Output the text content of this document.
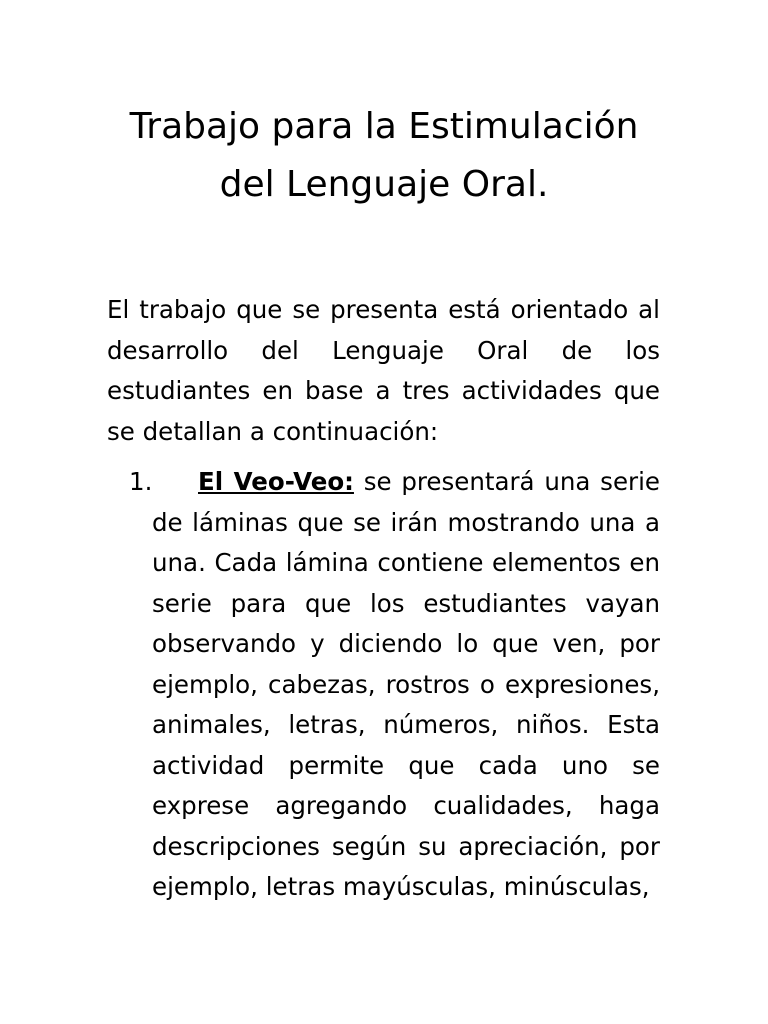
Trabajo para la Estimulación
del Lenguaje Oral.

El trabajo que se presenta está orientado al desarrollo del Lenguaje Oral de los estudiantes en base a tres actividades que se detallan a continuación:

1. El Veo-Veo: se presentará una serie de láminas que se irán mostrando una a una. Cada lámina contiene elementos en serie para que los estudiantes vayan observando y diciendo lo que ven, por ejemplo, cabezas, rostros o expresiones, animales, letras, números, niños. Esta actividad permite que cada uno se exprese agregando cualidades, haga descripciones según su apreciación, por ejemplo, letras mayúsculas, minúsculas,
